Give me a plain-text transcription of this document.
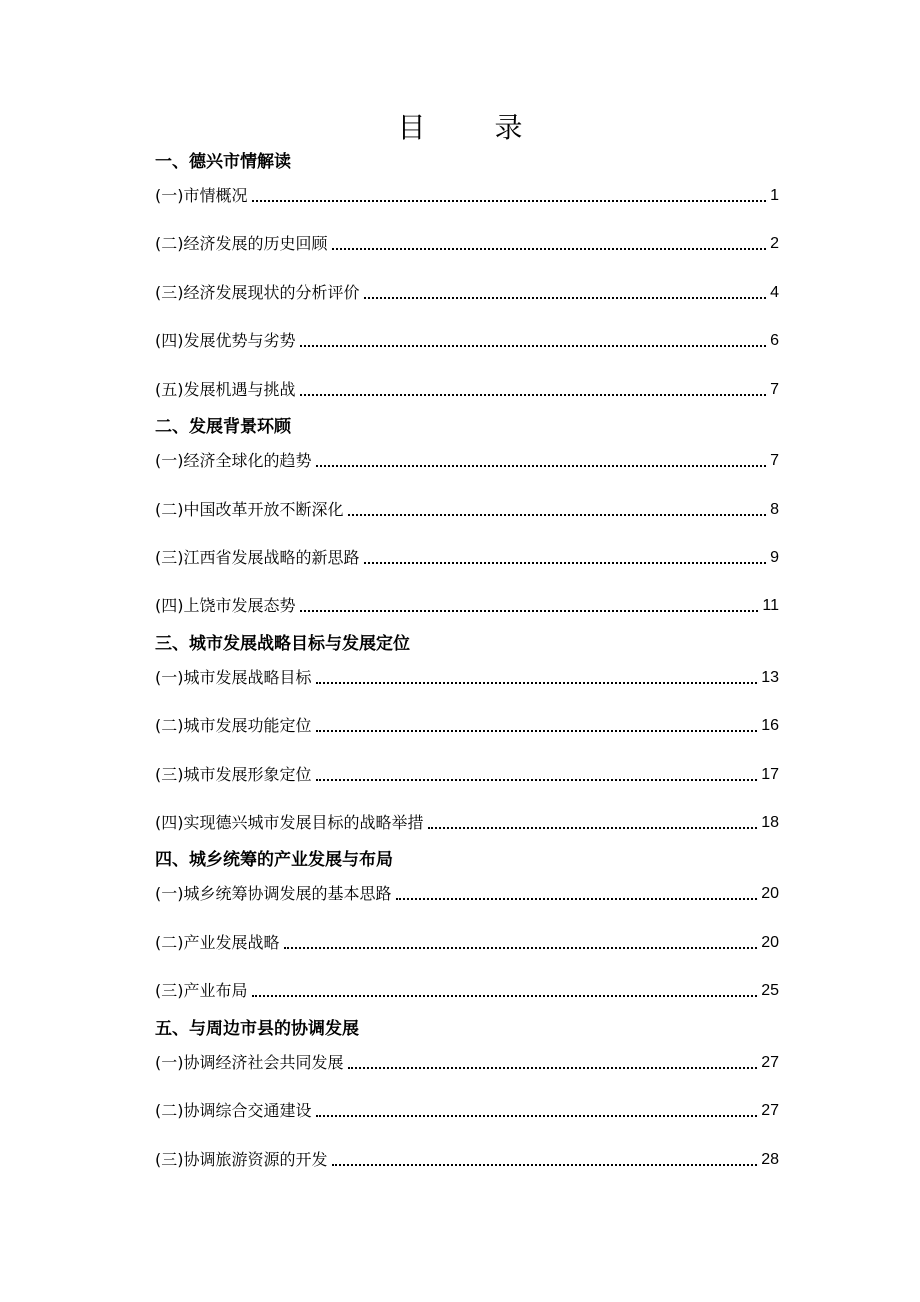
目 录
一、德兴市情解读
(一)市情概况	1
(二)经济发展的历史回顾	2
(三)经济发展现状的分析评价	4
(四)发展优势与劣势	6
(五)发展机遇与挑战	7
二、发展背景环顾
(一)经济全球化的趋势	7
(二)中国改革开放不断深化	8
(三)江西省发展战略的新思路	9
(四)上饶市发展态势	11
三、城市发展战略目标与发展定位
(一)城市发展战略目标	13
(二)城市发展功能定位	16
(三)城市发展形象定位	17
(四)实现德兴城市发展目标的战略举措	18
四、城乡统筹的产业发展与布局
(一)城乡统筹协调发展的基本思路	20
(二)产业发展战略	20
(三)产业布局	25
五、与周边市县的协调发展
(一)协调经济社会共同发展	27
(二)协调综合交通建设	27
(三)协调旅游资源的开发	28
